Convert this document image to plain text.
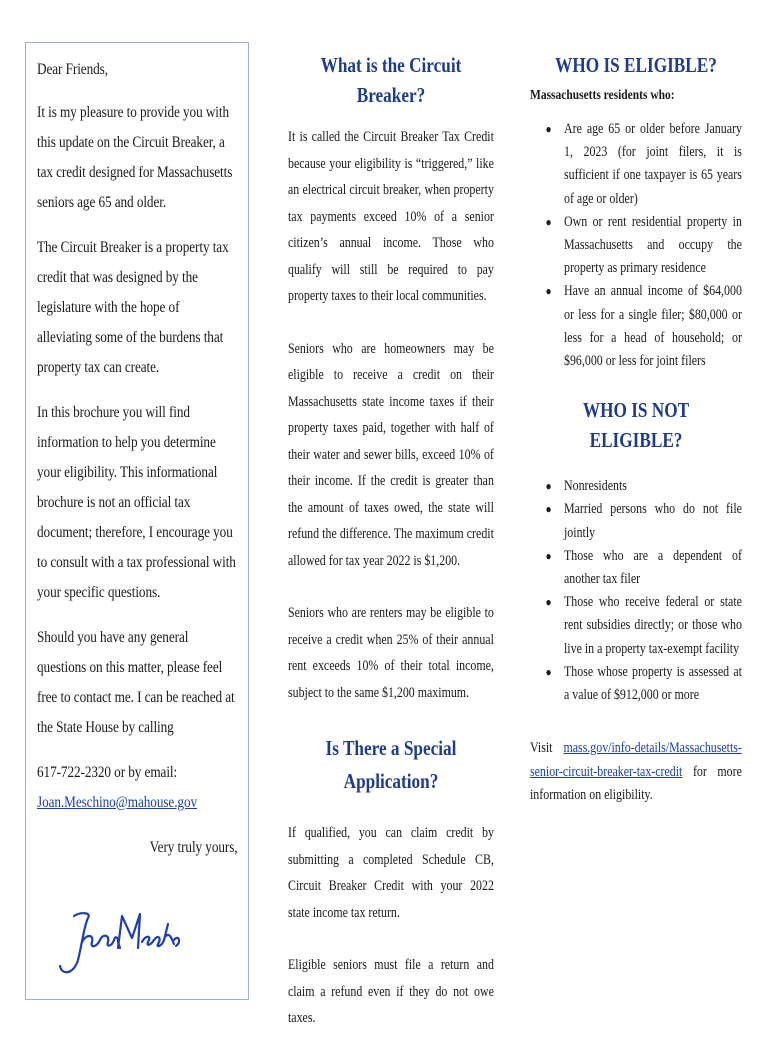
Dear Friends,

It is my pleasure to provide you with this update on the Circuit Breaker, a tax credit designed for Massachusetts seniors age 65 and older.

The Circuit Breaker is a property tax credit that was designed by the legislature with the hope of alleviating some of the burdens that property tax can create.

In this brochure you will find information to help you determine your eligibility. This informational brochure is not an official tax document; therefore, I encourage you to consult with a tax professional with your specific questions.

Should you have any general questions on this matter, please feel free to contact me. I can be reached at the State House by calling

617-722-2320 or by email:
Joan.Meschino@mahouse.gov

Very truly yours,

What is the Circuit Breaker?

It is called the Circuit Breaker Tax Credit because your eligibility is “triggered,” like an electrical circuit breaker, when property tax payments exceed 10% of a senior citizen’s annual income. Those who qualify will still be required to pay property taxes to their local communities.

Seniors who are homeowners may be eligible to receive a credit on their Massachusetts state income taxes if their property taxes paid, together with half of their water and sewer bills, exceed 10% of their income. If the credit is greater than the amount of taxes owed, the state will refund the difference. The maximum credit allowed for tax year 2022 is $1,200.

Seniors who are renters may be eligible to receive a credit when 25% of their annual rent exceeds 10% of their total income, subject to the same $1,200 maximum.

Is There a Special
Application?

If qualified, you can claim credit by submitting a completed Schedule CB, Circuit Breaker Credit with your 2022 state income tax return.

Eligible seniors must file a return and claim a refund even if they do not owe taxes.

WHO IS ELIGIBLE?
Massachusetts residents who:
● Are age 65 or older before January 1, 2023 (for joint filers, it is sufficient if one taxpayer is 65 years of age or older)
● Own or rent residential property in Massachusetts and occupy the property as primary residence
● Have an annual income of $64,000 or less for a single filer; $80,000 or less for a head of household; or $96,000 or less for joint filers
WHO IS NOT ELIGIBLE?
● Nonresidents
● Married persons who do not file jointly
● Those who are a dependent of another tax filer
● Those who receive federal or state rent subsidies directly; or those who live in a property tax-exempt facility
● Those whose property is assessed at a value of $912,000 or more
Visit mass.gov/info-details/Massachusetts-senior-circuit-breaker-tax-credit for more information on eligibility.
